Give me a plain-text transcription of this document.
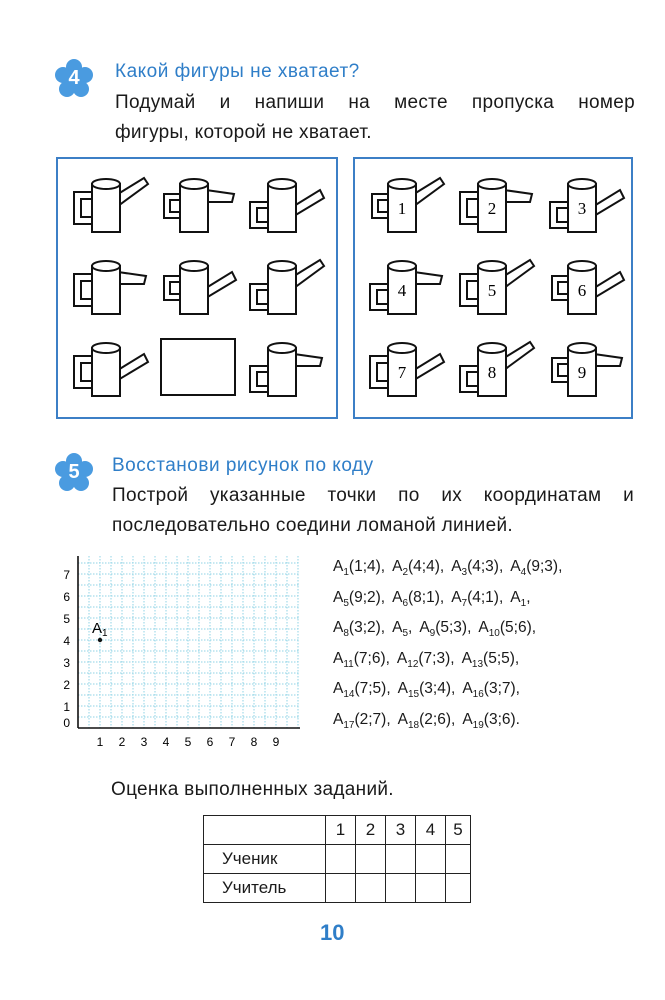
4	Какой фигуры не хватает?
Подумай и напиши на месте пропуска номер
фигуры, которой не хватает.
1	2	3
4	5	6
7	8	9
5	Восстанови рисунок по коду
Построй указанные точки по их координатам и
последовательно соедини ломаной линией.
7
6
5
4
3
2
1
0
1 2 3 4 5 6 7 8 9
$A_1$
$A_1(1;4)$, $A_2(4;4)$, $A_3(4;3)$, $A_4(9;3)$,
$A_5(9;2)$, $A_6(8;1)$, $A_7(4;1)$, $A_1$,
$A_8(3;2)$, $A_5$, $A_9(5;3)$, $A_{10}(5;6)$,
$A_{11}(7;6)$, $A_{12}(7;3)$, $A_{13}(5;5)$,
$A_{14}(7;5)$, $A_{15}(3;4)$, $A_{16}(3;7)$,
$A_{17}(2;7)$, $A_{18}(2;6)$, $A_{19}(3;6)$.
Оценка выполненных заданий.
	1	2	3	4	5
Ученик					
Учитель					
10
